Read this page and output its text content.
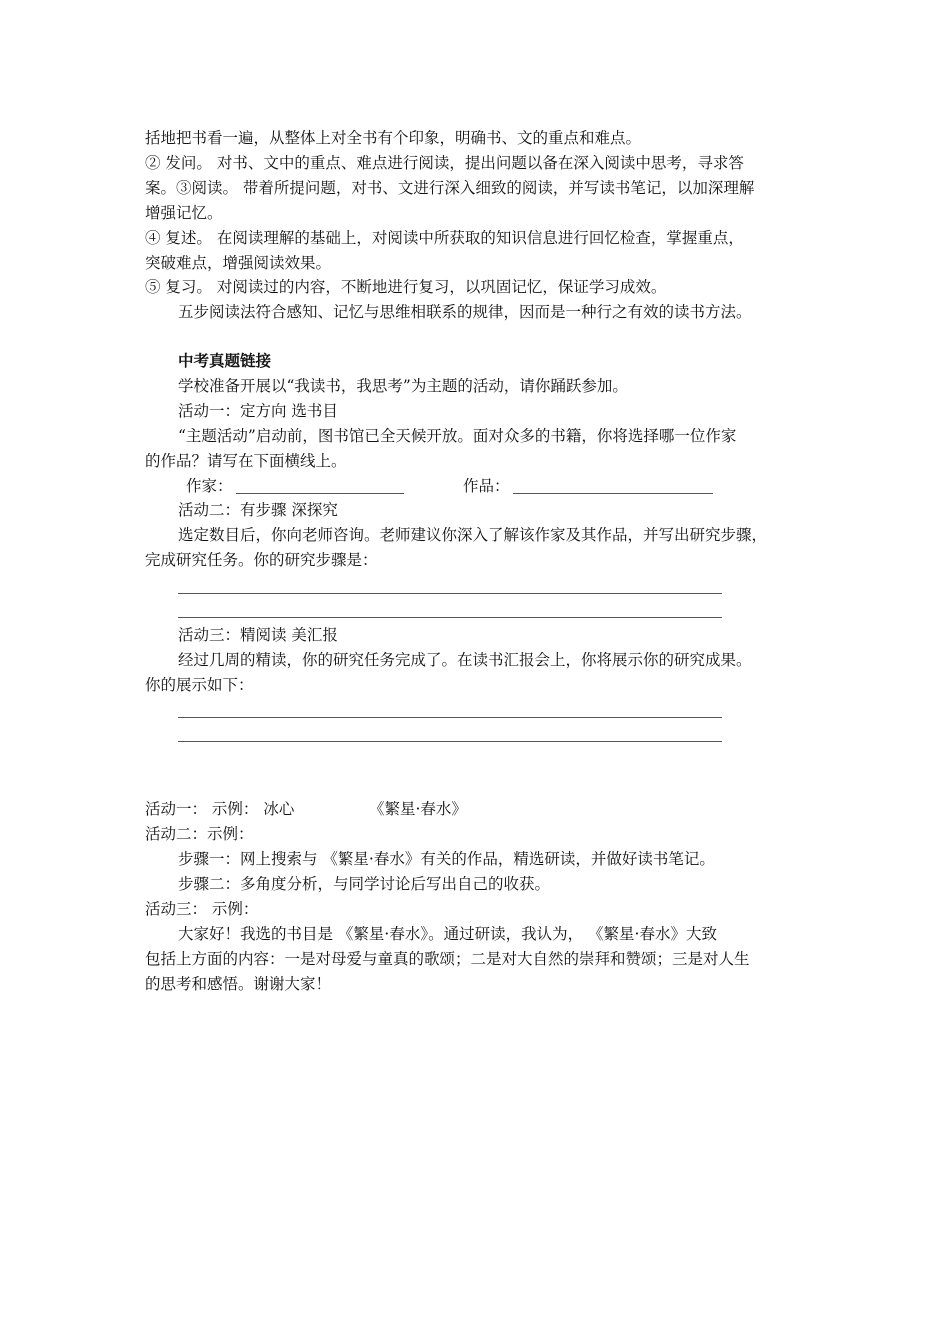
括地把书看一遍，从整体上对全书有个印象，明确书、文的重点和难点。
② 发问。 对书、文中的重点、难点进行阅读，提出问题以备在深入阅读中思考，寻求答
案。③阅读。 带着所提问题，对书、文进行深入细致的阅读，并写读书笔记，以加深理解
增强记忆。
④ 复述。 在阅读理解的基础上，对阅读中所获取的知识信息进行回忆检查，掌握重点，
突破难点，增强阅读效果。
⑤ 复习。 对阅读过的内容，不断地进行复习，以巩固记忆，保证学习成效。
五步阅读法符合感知、记忆与思维相联系的规律，因而是一种行之有效的读书方法。
中考真题链接
学校准备开展以“我读书，我思考”为主题的活动，请你踊跃参加。
活动一：定方向 选书目
“主题活动”启动前，图书馆已全天候开放。面对众多的书籍，你将选择哪一位作家
的作品？请写在下面横线上。
作家：	作品：
活动二：有步骤 深探究
选定数目后，你向老师咨询。老师建议你深入了解该作家及其作品，并写出研究步骤，
完成研究任务。你的研究步骤是：
活动三：精阅读 美汇报
经过几周的精读，你的研究任务完成了。在读书汇报会上，你将展示你的研究成果。
你的展示如下：
活动一： 示例： 冰心	《繁星·春水》
活动二：示例：
步骤一：网上搜索与 《繁星·春水》有关的作品，精选研读，并做好读书笔记。
步骤二：多角度分析，与同学讨论后写出自己的收获。
活动三： 示例：
大家好！我选的书目是 《繁星·春水》。通过研读，我认为， 《繁星·春水》大致
包括上方面的内容：一是对母爱与童真的歌颂；二是对大自然的崇拜和赞颂；三是对人生
的思考和感悟。谢谢大家！
